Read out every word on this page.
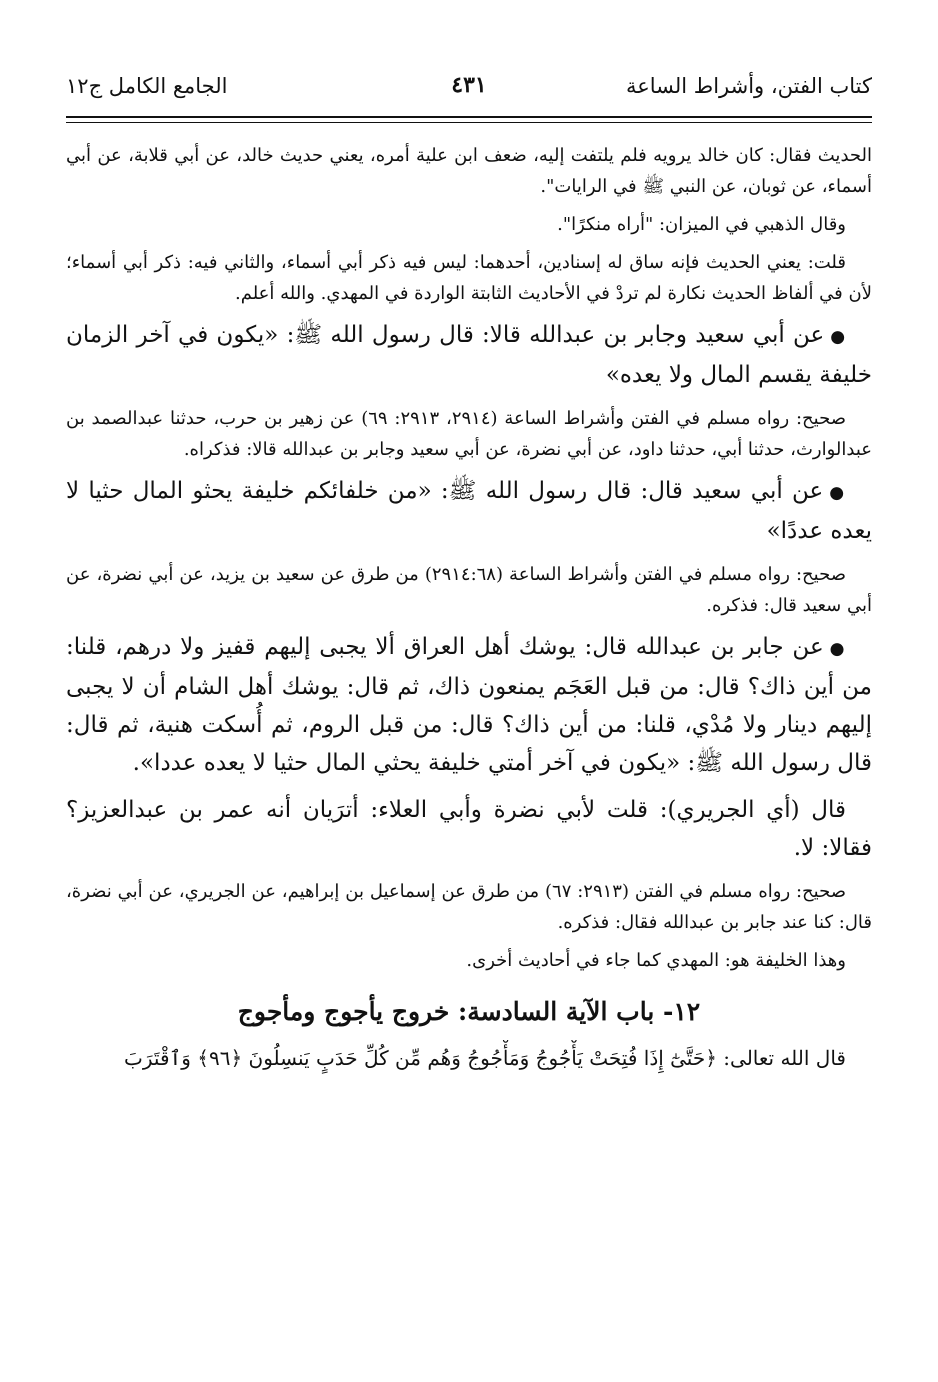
كتاب الفتن، وأشراط الساعة
٤٣١
الجامع الكامل ج١٢

الحديث فقال: كان خالد يرويه فلم يلتفت إليه، ضعف ابن علية أمره، يعني حديث خالد، عن أبي قلابة، عن أبي أسماء، عن ثوبان، عن النبي ﷺ في الرايات".

وقال الذهبي في الميزان: "أراه منكرًا".

قلت: يعني الحديث فإنه ساق له إسنادين، أحدهما: ليس فيه ذكر أبي أسماء، والثاني فيه: ذكر أبي أسماء؛ لأن في ألفاظ الحديث نكارة لم تردْ في الأحاديث الثابتة الواردة في المهدي. والله أعلم.

●عن أبي سعيد وجابر بن عبدالله قالا: قال رسول الله ﷺ: «يكون في آخر الزمان خليفة يقسم المال ولا يعده»

صحيح: رواه مسلم في الفتن وأشراط الساعة (٢٩١٤، ٢٩١٣: ٦٩) عن زهير بن حرب، حدثنا عبدالصمد بن عبدالوارث، حدثنا أبي، حدثنا داود، عن أبي نضرة، عن أبي سعيد وجابر بن عبدالله قالا: فذكراه.

●عن أبي سعيد قال: قال رسول الله ﷺ: «من خلفائكم خليفة يحثو المال حثيا لا يعده عددًا»

صحيح: رواه مسلم في الفتن وأشراط الساعة (٢٩١٤:٦٨) من طرق عن سعيد بن يزيد، عن أبي نضرة، عن أبي سعيد قال: فذكره.

●عن جابر بن عبدالله قال: يوشك أهل العراق ألا يجبى إليهم قفيز ولا درهم، قلنا: من أين ذاك؟ قال: من قبل العَجَم يمنعون ذاك، ثم قال: يوشك أهل الشام أن لا يجبى إليهم دينار ولا مُدْي، قلنا: من أين ذاك؟ قال: من قبل الروم، ثم أُسكت هنية، ثم قال: قال رسول الله ﷺ: «يكون في آخر أمتي خليفة يحثي المال حثيا لا يعده عددا».

قال (أي الجريري): قلت لأبي نضرة وأبي العلاء: أترَيان أنه عمر بن عبدالعزيز؟ فقالا: لا.

صحيح: رواه مسلم في الفتن (٢٩١٣: ٦٧) من طرق عن إسماعيل بن إبراهيم، عن الجريري، عن أبي نضرة، قال: كنا عند جابر بن عبدالله فقال: فذكره.

وهذا الخليفة هو: المهدي كما جاء في أحاديث أخرى.

١٢- باب الآية السادسة: خروج يأجوج ومأجوج
قال الله تعالى: ﴿حَتَّىٰٓ إِذَا فُتِحَتْ يَأْجُوجُ وَمَأْجُوجُ وَهُم مِّن كُلِّ حَدَبٍ يَنسِلُونَ ﴿٩٦﴾ وَٱقْتَرَبَ
